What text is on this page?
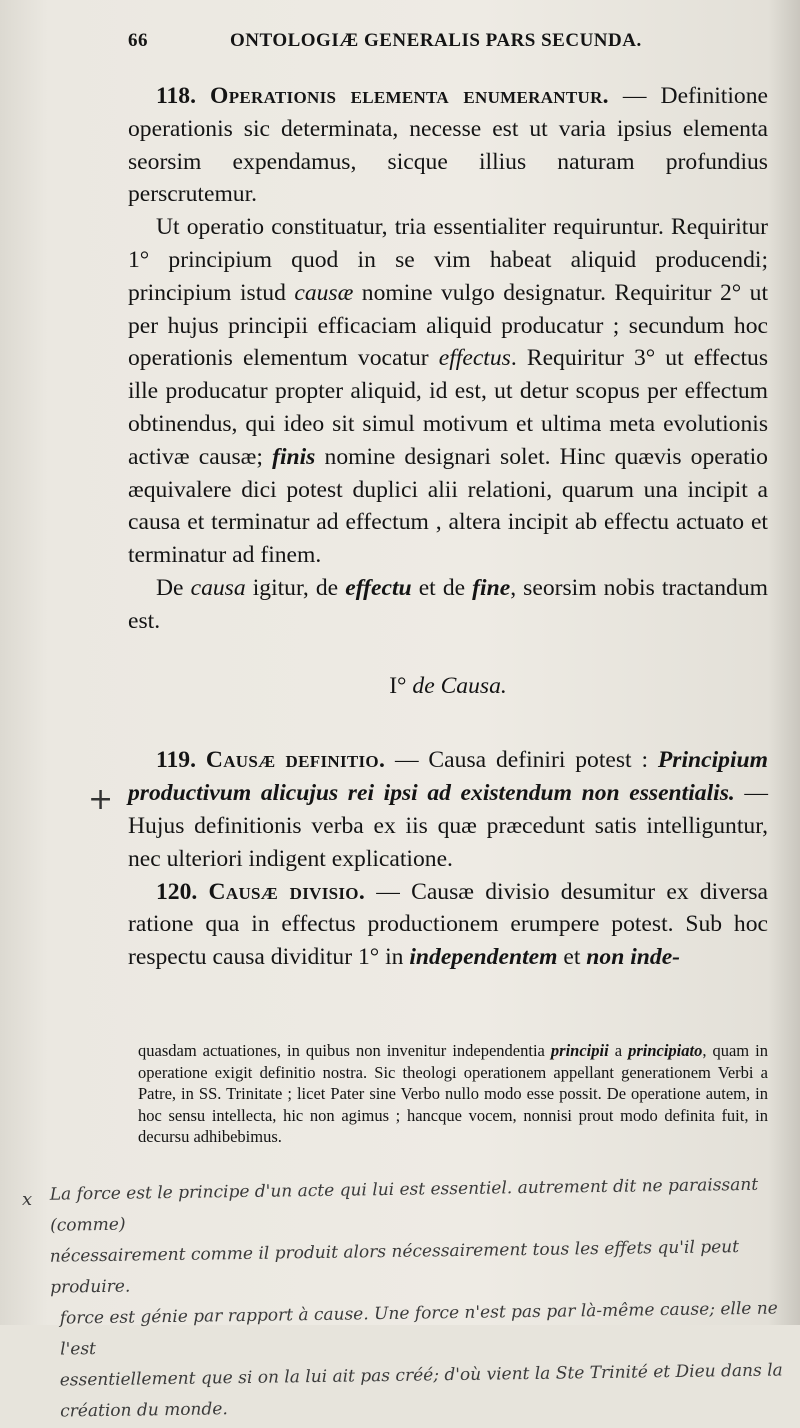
66	ONTOLOGIÆ GENERALIS PARS SECUNDA.

118. Operationis elementa enumerantur. — Definitione operationis sic determinata, necesse est ut varia ipsius elementa seorsim expendamus, sicque illius naturam profundius perscrutemur.

Ut operatio constituatur, tria essentialiter requiruntur. Requiritur 1° principium quod in se vim habeat aliquid producendi; principium istud causæ nomine vulgo designatur. Requiritur 2° ut per hujus principii efficaciam aliquid producatur ; secundum hoc operationis elementum vocatur effectus. Requiritur 3° ut effectus ille producatur propter aliquid, id est, ut detur scopus per effectum obtinendus, qui ideo sit simul motivum et ultima meta evolutionis activæ causæ; finis nomine designari solet. Hinc quævis operatio æquivalere dici potest duplici alii relationi, quarum una incipit a causa et terminatur ad effectum , altera incipit ab effectu actuato et terminatur ad finem.

De causa igitur, de effectu et de fine, seorsim nobis tractandum est.

I° de Causa.

119. Causæ definitio. — Causa definiri potest : Principium productivum alicujus rei ipsi ad existendum non essentialis. — Hujus definitionis verba ex iis quæ præcedunt satis intelliguntur, nec ulteriori indigent explicatione.

120. Causæ divisio. — Causæ divisio desumitur ex diversa ratione qua in effectus productionem erumpere potest. Sub hoc respectu causa dividitur 1° in independentem et non inde-

+

quasdam actuationes, in quibus non invenitur independentia principii a principiato, quam in operatione exigit definitio nostra. Sic theologi operationem appellant generationem Verbi a Patre, in SS. Trinitate ; licet Pater sine Verbo nullo modo esse possit. De operatione autem, in hoc sensu intellecta, hic non agimus ; hancque vocem, nonnisi prout modo definita fuit, in decursu adhibebimus.

x	La force est le principe d'un acte qui lui est essentiel. autrement dit ne paraissant (comme)

nécessairement comme il produit alors nécessairement tous les effets qu'il peut produire.

force est génie par rapport à cause. Une force n'est pas par là-même cause; elle ne l'est

essentiellement que si on la lui ait pas créé; d'où vient la Ste Trinité et Dieu dans la création du monde.
